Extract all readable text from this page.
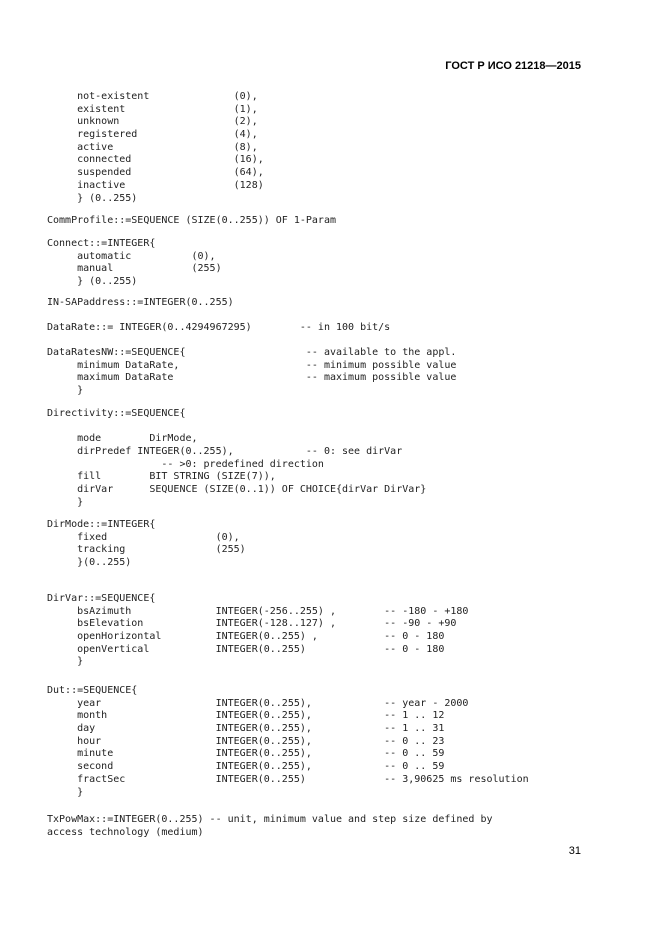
ГОСТ Р ИСО 21218—2015
not-existent              (0),
existent                  (1),
unknown                   (2),
registered                (4),
active                    (8),
connected                 (16),
suspended                 (64),
inactive                  (128)
} (0..255)
CommProfile::=SEQUENCE (SIZE(0..255)) OF 1-Param
Connect::=INTEGER{
automatic          (0),
manual             (255)
} (0..255)
IN-SAPaddress::=INTEGER(0..255)
DataRate::= INTEGER(0..4294967295)        -- in 100 bit/s
DataRatesNW::=SEQUENCE{                    -- available to the appl.
minimum DataRate,                     -- minimum possible value
maximum DataRate                      -- maximum possible value
}
Directivity::=SEQUENCE{
mode        DirMode,
dirPredef INTEGER(0..255),            -- 0: see dirVar
-- >0: predefined direction
fill        BIT STRING (SIZE(7)),
dirVar      SEQUENCE (SIZE(0..1)) OF CHOICE{dirVar DirVar}
}
DirMode::=INTEGER{
fixed                  (0),
tracking               (255)
}(0..255)
DirVar::=SEQUENCE{
bsAzimuth              INTEGER(-256..255) ,        -- -180 - +180
bsElevation            INTEGER(-128..127) ,        -- -90 - +90
openHorizontal         INTEGER(0..255) ,           -- 0 - 180
openVertical           INTEGER(0..255)             -- 0 - 180
}
Dut::=SEQUENCE{
year                   INTEGER(0..255),            -- year - 2000
month                  INTEGER(0..255),            -- 1 .. 12
day                    INTEGER(0..255),            -- 1 .. 31
hour                   INTEGER(0..255),            -- 0 .. 23
minute                 INTEGER(0..255),            -- 0 .. 59
second                 INTEGER(0..255),            -- 0 .. 59
fractSec               INTEGER(0..255)             -- 3,90625 ms resolution
}
TxPowMax::=INTEGER(0..255) -- unit, minimum value and step size defined by
access technology (medium)
31
